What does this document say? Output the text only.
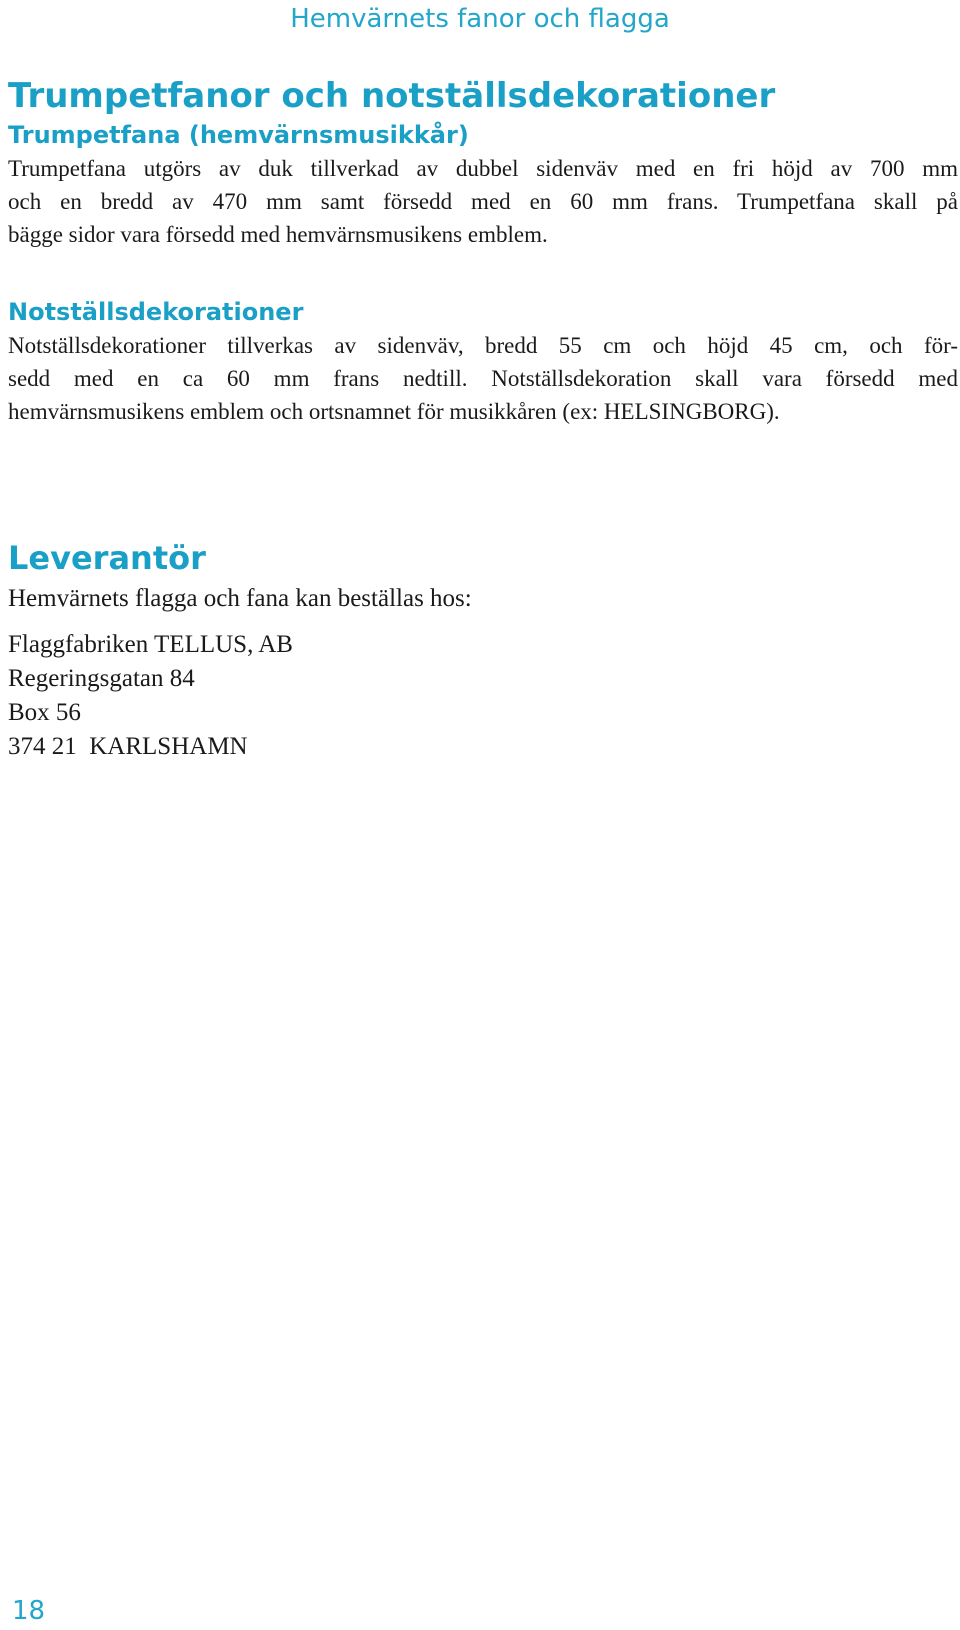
Hemvärnets fanor och flagga
Trumpetfanor och notställsdekorationer
Trumpetfana (hemvärnsmusikkår)

Trumpetfana utgörs av duk tillverkad av dubbel sidenväv med en fri höjd av 700 mm
och en bredd av 470 mm samt försedd med en 60 mm frans. Trumpetfana skall på
bägge sidor vara försedd med hemvärnsmusikens emblem.

Notställsdekorationer

Notställsdekorationer tillverkas av sidenväv, bredd 55 cm och höjd 45 cm, och för-
sedd med en ca 60 mm frans nedtill. Notställsdekoration skall vara försedd med
hemvärnsmusikens emblem och ortsnamnet för musikkåren (ex: HELSINGBORG).

Leverantör

Hemvärnets flagga och fana kan beställas hos:

Flaggfabriken TELLUS, AB
Regeringsgatan 84
Box 56
374 21  KARLSHAMN
18
